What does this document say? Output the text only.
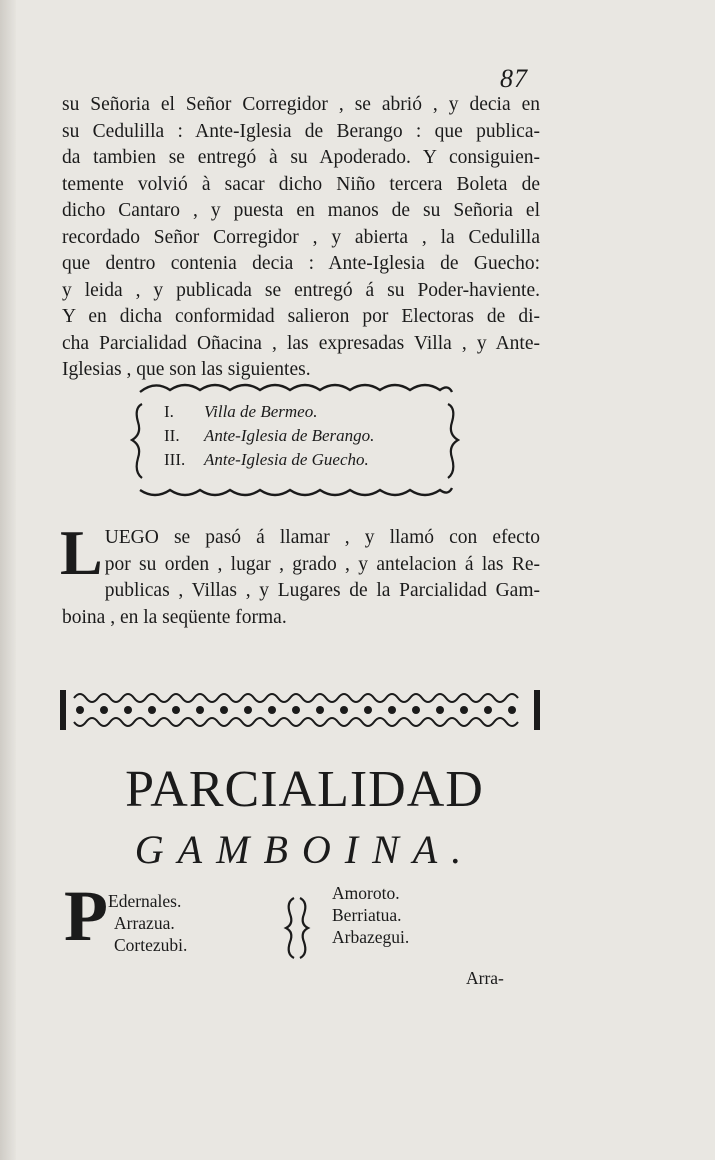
87

su Señoria el Señor Corregidor , se abrió , y decia en
su Cedulilla : Ante-Iglesia de Berango : que publica-
da tambien se entregó à su Apoderado. Y consiguien-
temente volvió à sacar dicho Niño tercera Boleta de
dicho Cantaro , y puesta en manos de su Señoria el
recordado Señor Corregidor , y abierta , la Cedulilla
que dentro contenia decia : Ante-Iglesia de Guecho:
y leida , y publicada se entregó á su Poder-haviente.
Y en dicha conformidad salieron por Electoras de di-
cha Parcialidad Oñacina , las expresadas Villa , y Ante-
Iglesias , que son las siguientes.

I. Villa de Bermeo.
II. Ante-Iglesia de Berango.
III. Ante-Iglesia de Guecho.

L UEGO se pasó á llamar , y llamó con efecto
por su orden , lugar , grado , y antelacion á las Re-
publicas , Villas , y Lugares de la Parcialidad Gam-
boina , en la seqüente forma.

PARCIALIDAD
GAMBOINA.
P Edernales.
Arrazua.
Cortezubi.
Amoroto.
Berriatua.
Arbazegui.
Arra-
